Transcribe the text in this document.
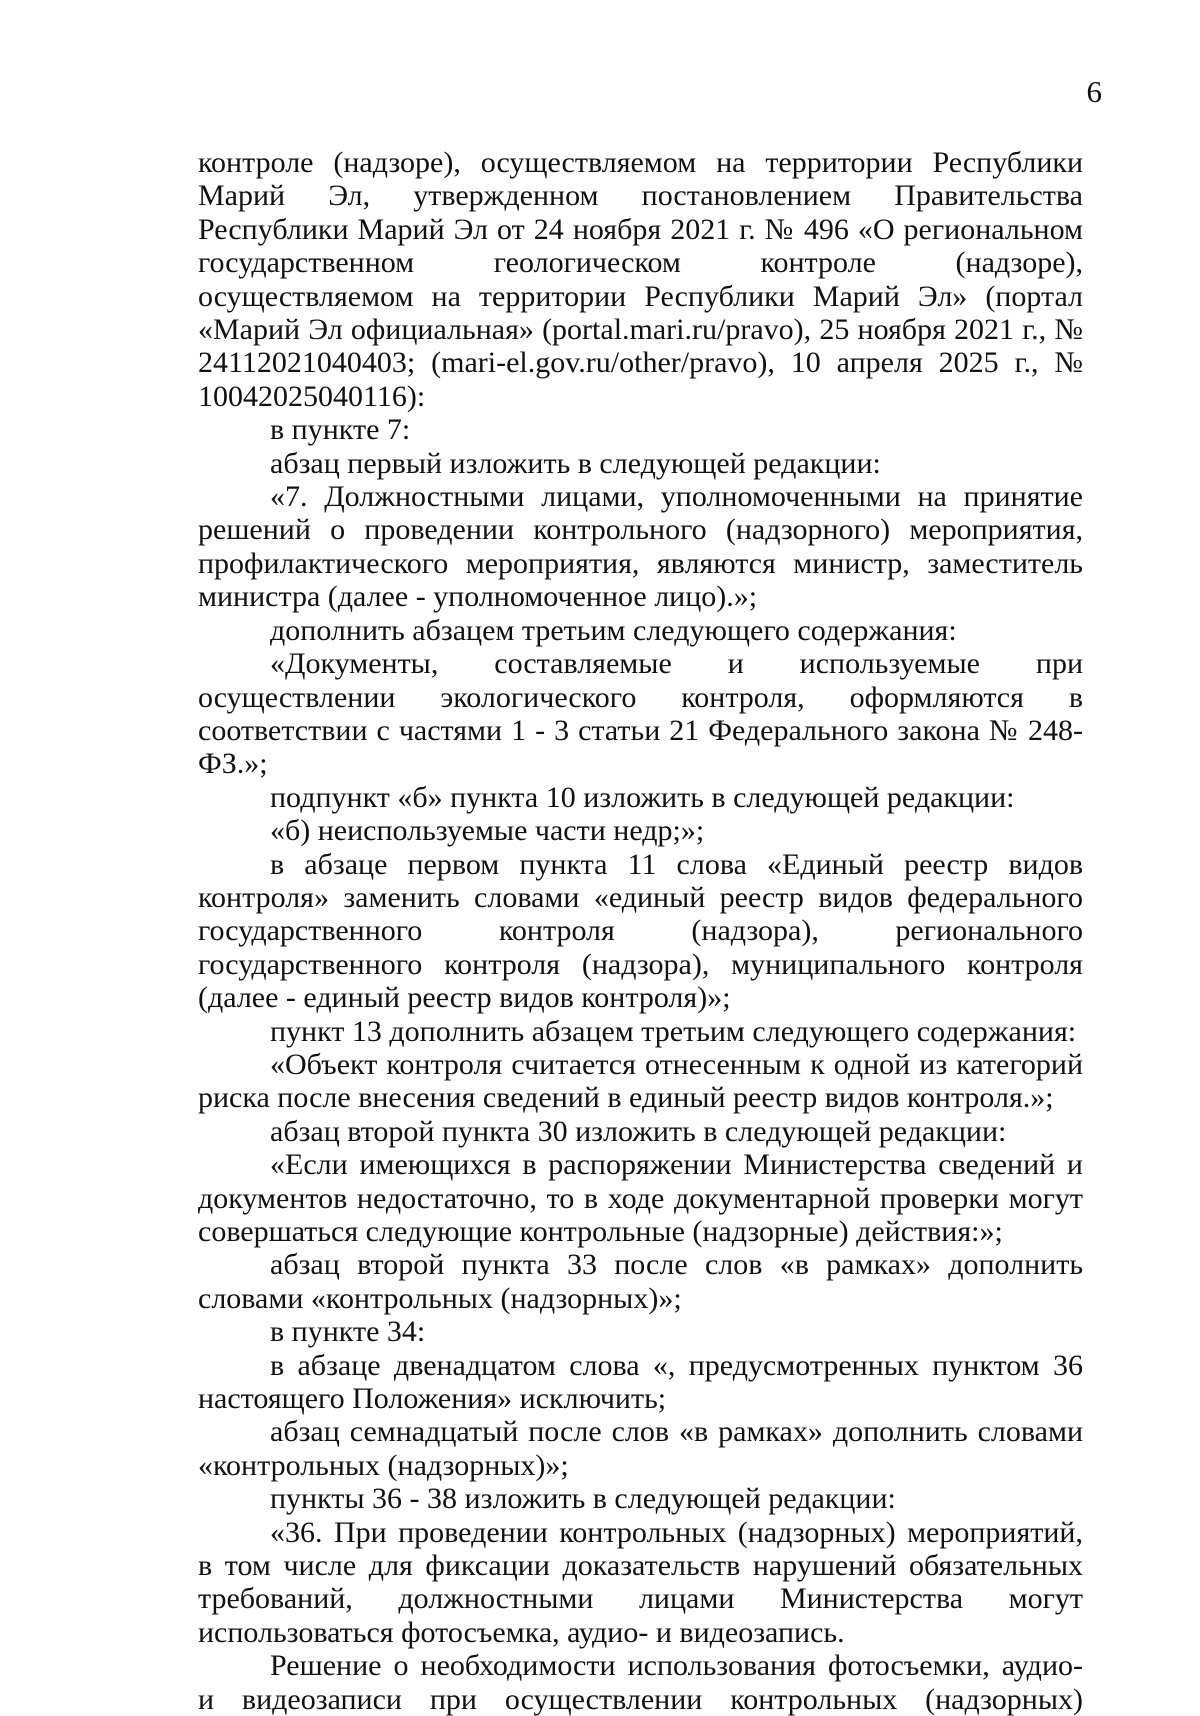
6

контроле (надзоре), осуществляемом на территории Республики Марий Эл, утвержденном постановлением Правительства Республики Марий Эл от 24 ноября 2021 г. № 496 «О региональном государственном геологическом контроле (надзоре), осуществляемом на территории Республики Марий Эл» (портал «Марий Эл официальная» (portal.mari.ru/pravo), 25 ноября 2021 г., № 24112021040403; (mari-el.gov.ru/other/pravo), 10 апреля 2025 г., № 10042025040116):

в пункте 7:

абзац первый изложить в следующей редакции:

«7. Должностными лицами, уполномоченными на принятие решений о проведении контрольного (надзорного) мероприятия, профилактического мероприятия, являются министр, заместитель министра (далее - уполномоченное лицо).»;

дополнить абзацем третьим следующего содержания:

«Документы, составляемые и используемые при осуществлении экологического контроля, оформляются в соответствии с частями 1 - 3 статьи 21 Федерального закона № 248-ФЗ.»;

подпункт «б» пункта 10 изложить в следующей редакции:

«б) неиспользуемые части недр;»;

в абзаце первом пункта 11 слова «Единый реестр видов контроля» заменить словами «единый реестр видов федерального государственного контроля (надзора), регионального государственного контроля (надзора), муниципального контроля (далее - единый реестр видов контроля)»;

пункт 13 дополнить абзацем третьим следующего содержания:

«Объект контроля считается отнесенным к одной из категорий риска после внесения сведений в единый реестр видов контроля.»;

абзац второй пункта 30 изложить в следующей редакции:

«Если имеющихся в распоряжении Министерства сведений и документов недостаточно, то в ходе документарной проверки могут совершаться следующие контрольные (надзорные) действия:»;

абзац второй пункта 33 после слов «в рамках» дополнить словами «контрольных (надзорных)»;

в пункте 34:

в абзаце двенадцатом слова «, предусмотренных пунктом 36 настоящего Положения» исключить;

абзац семнадцатый после слов «в рамках» дополнить словами «контрольных (надзорных)»;

пункты 36 - 38 изложить в следующей редакции:

«36. При проведении контрольных (надзорных) мероприятий, в том числе для фиксации доказательств нарушений обязательных требований, должностными лицами Министерства могут использоваться фотосъемка, аудио- и видеозапись.

Решение о необходимости использования фотосъемки, аудио- и видеозаписи при осуществлении контрольных (надзорных)
